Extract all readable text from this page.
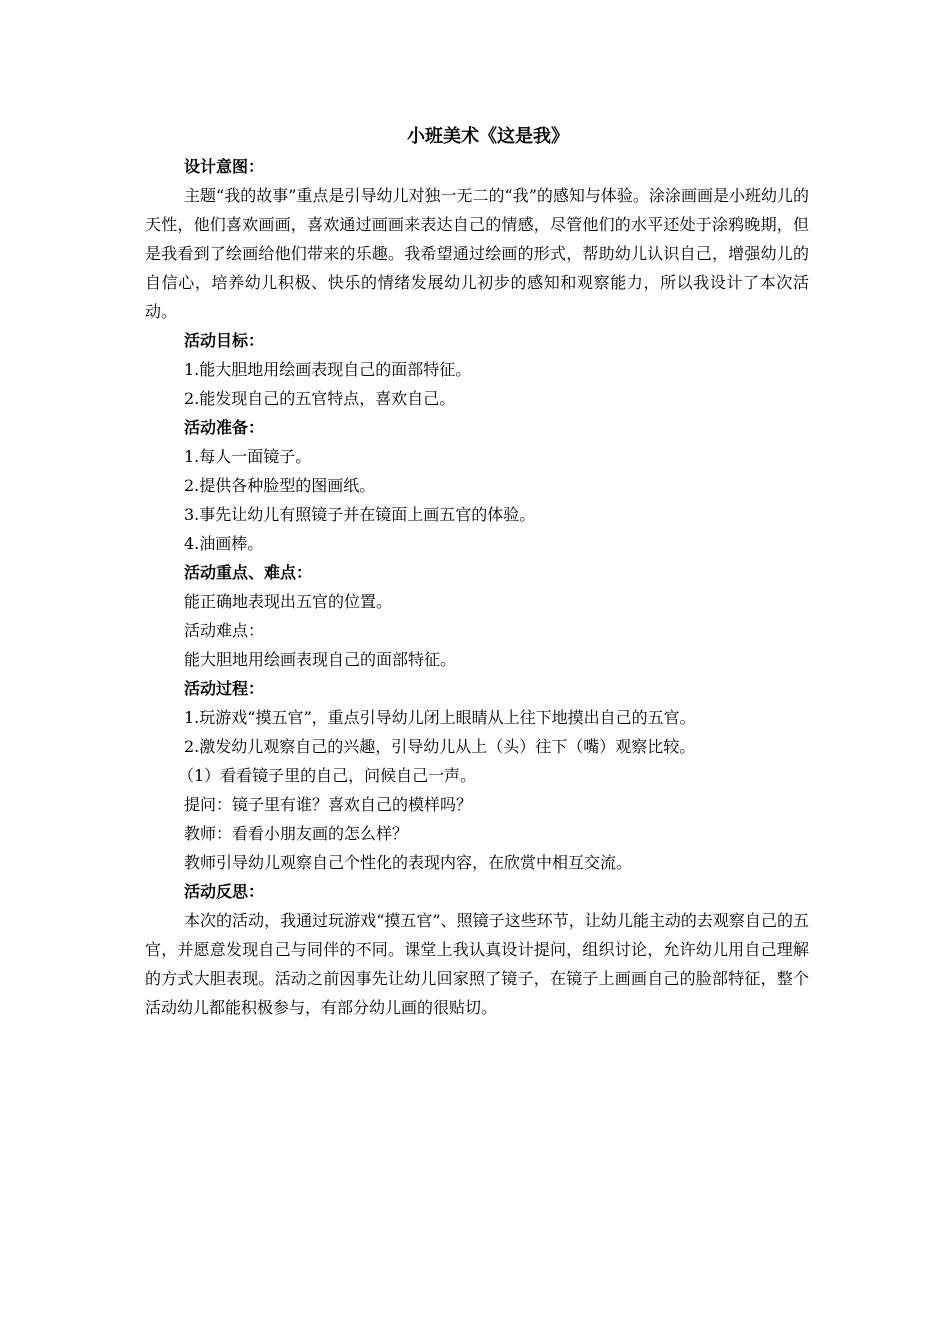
小班美术《这是我》

设计意图：

主题“我的故事”重点是引导幼儿对独一无二的“我”的感知与体验。涂涂画画是小班幼儿的天性，他们喜欢画画，喜欢通过画画来表达自己的情感，尽管他们的水平还处于涂鸦晚期，但是我看到了绘画给他们带来的乐趣。我希望通过绘画的形式，帮助幼儿认识自己，增强幼儿的自信心，培养幼儿积极、快乐的情绪发展幼儿初步的感知和观察能力，所以我设计了本次活动。

活动目标：

1.能大胆地用绘画表现自己的面部特征。

2.能发现自己的五官特点，喜欢自己。

活动准备：

1.每人一面镜子。

2.提供各种脸型的图画纸。

3.事先让幼儿有照镜子并在镜面上画五官的体验。

4.油画棒。

活动重点、难点：

能正确地表现出五官的位置。

活动难点：

能大胆地用绘画表现自己的面部特征。

活动过程：

1.玩游戏“摸五官”，重点引导幼儿闭上眼睛从上往下地摸出自己的五官。

2.激发幼儿观察自己的兴趣，引导幼儿从上（头）往下（嘴）观察比较。

（1）看看镜子里的自己，问候自己一声。

提问：镜子里有谁？喜欢自己的模样吗？

教师：看看小朋友画的怎么样？

教师引导幼儿观察自己个性化的表现内容，在欣赏中相互交流。

活动反思：

本次的活动，我通过玩游戏“摸五官”、照镜子这些环节，让幼儿能主动的去观察自己的五官，并愿意发现自己与同伴的不同。课堂上我认真设计提问，组织讨论，允许幼儿用自己理解的方式大胆表现。活动之前因事先让幼儿回家照了镜子，在镜子上画画自己的脸部特征，整个活动幼儿都能积极参与，有部分幼儿画的很贴切。
